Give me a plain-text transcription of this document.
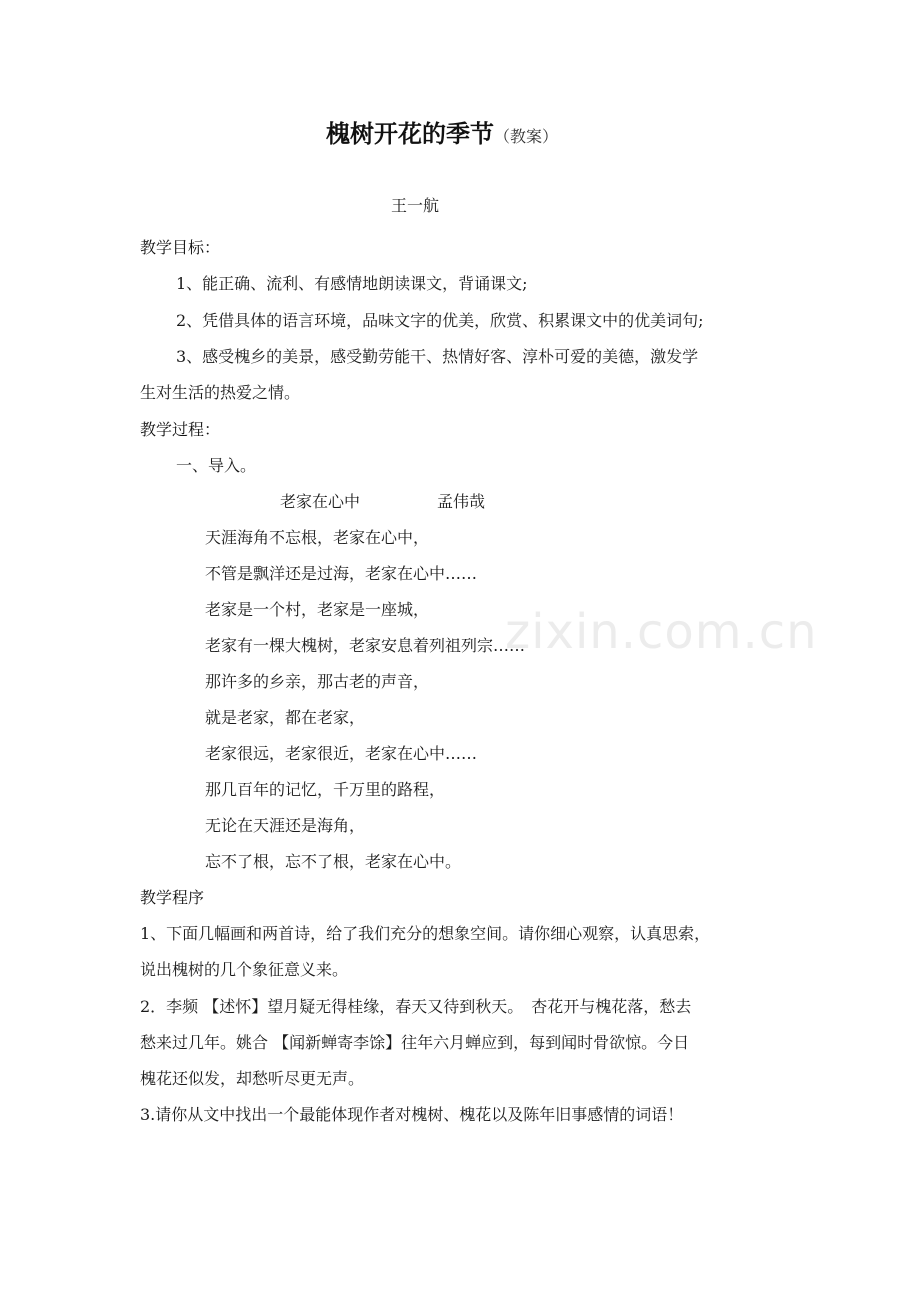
zixin.com.cn
槐树开花的季节（教案）
王一航
教学目标：
1、能正确、流利、有感情地朗读课文，背诵课文;
2、凭借具体的语言环境，品味文字的优美，欣赏、积累课文中的优美词句;
3、感受槐乡的美景，感受勤劳能干、热情好客、淳朴可爱的美德，激发学
生对生活的热爱之情。
教学过程：
一、导入。
老家在心中	孟伟哉
天涯海角不忘根，老家在心中，
不管是飘洋还是过海，老家在心中……
老家是一个村，老家是一座城，
老家有一棵大槐树，老家安息着列祖列宗……
那许多的乡亲，那古老的声音，
就是老家，都在老家，
老家很远，老家很近，老家在心中……
那几百年的记忆，千万里的路程，
无论在天涯还是海角，
忘不了根，忘不了根，老家在心中。
教学程序
1、下面几幅画和两首诗，给了我们充分的想象空间。请你细心观察，认真思索，
说出槐树的几个象征意义来。
2．李频 【述怀】望月疑无得桂缘，春天又待到秋天。　杏花开与槐花落，愁去
愁来过几年。姚合 【闻新蝉寄李馀】往年六月蝉应到，每到闻时骨欲惊。今日
槐花还似发，却愁听尽更无声。
3.请你从文中找出一个最能体现作者对槐树、槐花以及陈年旧事感情的词语！
